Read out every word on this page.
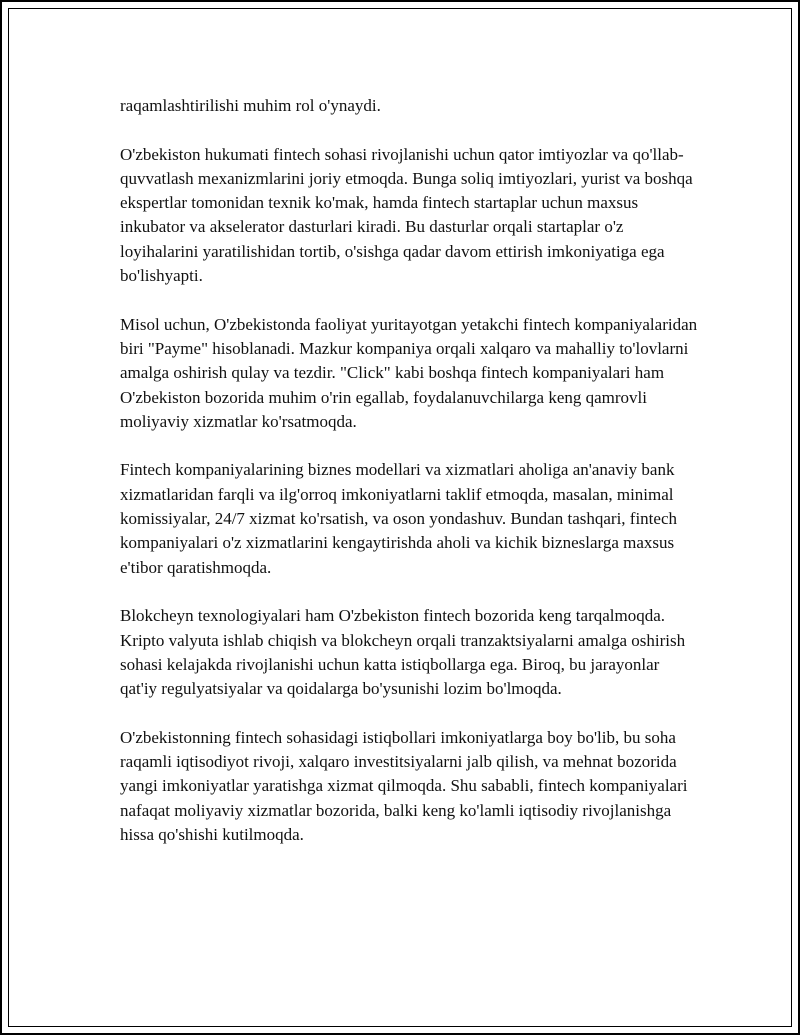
raqamlashtirilishi muhim rol o'ynaydi.

O'zbekiston hukumati fintech sohasi rivojlanishi uchun qator imtiyozlar va qo'llab-quvvatlash mexanizmlarini joriy etmoqda. Bunga soliq imtiyozlari, yurist va boshqa ekspertlar tomonidan texnik ko'mak, hamda fintech startaplar uchun maxsus inkubator va akselerator dasturlari kiradi. Bu dasturlar orqali startaplar o'z loyihalarini yaratilishidan tortib, o'sishga qadar davom ettirish imkoniyatiga ega bo'lishyapti.

Misol uchun, O'zbekistonda faoliyat yuritayotgan yetakchi fintech kompaniyalaridan biri "Payme" hisoblanadi. Mazkur kompaniya orqali xalqaro va mahalliy to'lovlarni amalga oshirish qulay va tezdir. "Click" kabi boshqa fintech kompaniyalari ham O'zbekiston bozorida muhim o'rin egallab, foydalanuvchilarga keng qamrovli moliyaviy xizmatlar ko'rsatmoqda.

Fintech kompaniyalarining biznes modellari va xizmatlari aholiga an'anaviy bank xizmatlaridan farqli va ilg'orroq imkoniyatlarni taklif etmoqda, masalan, minimal komissiyalar, 24/7 xizmat ko'rsatish, va oson yondashuv. Bundan tashqari, fintech kompaniyalari o'z xizmatlarini kengaytirishda aholi va kichik bizneslarga maxsus e'tibor qaratishmoqda.

Blokcheyn texnologiyalari ham O'zbekiston fintech bozorida keng tarqalmoqda. Kripto valyuta ishlab chiqish va blokcheyn orqali tranzaktsiyalarni amalga oshirish sohasi kelajakda rivojlanishi uchun katta istiqbollarga ega. Biroq, bu jarayonlar qat'iy regulyatsiyalar va qoidalarga bo'ysunishi lozim bo'lmoqda.

O'zbekistonning fintech sohasidagi istiqbollari imkoniyatlarga boy bo'lib, bu soha raqamli iqtisodiyot rivoji, xalqaro investitsiyalarni jalb qilish, va mehnat bozorida yangi imkoniyatlar yaratishga xizmat qilmoqda. Shu sababli, fintech kompaniyalari nafaqat moliyaviy xizmatlar bozorida, balki keng ko'lamli iqtisodiy rivojlanishga hissa qo'shishi kutilmoqda.
